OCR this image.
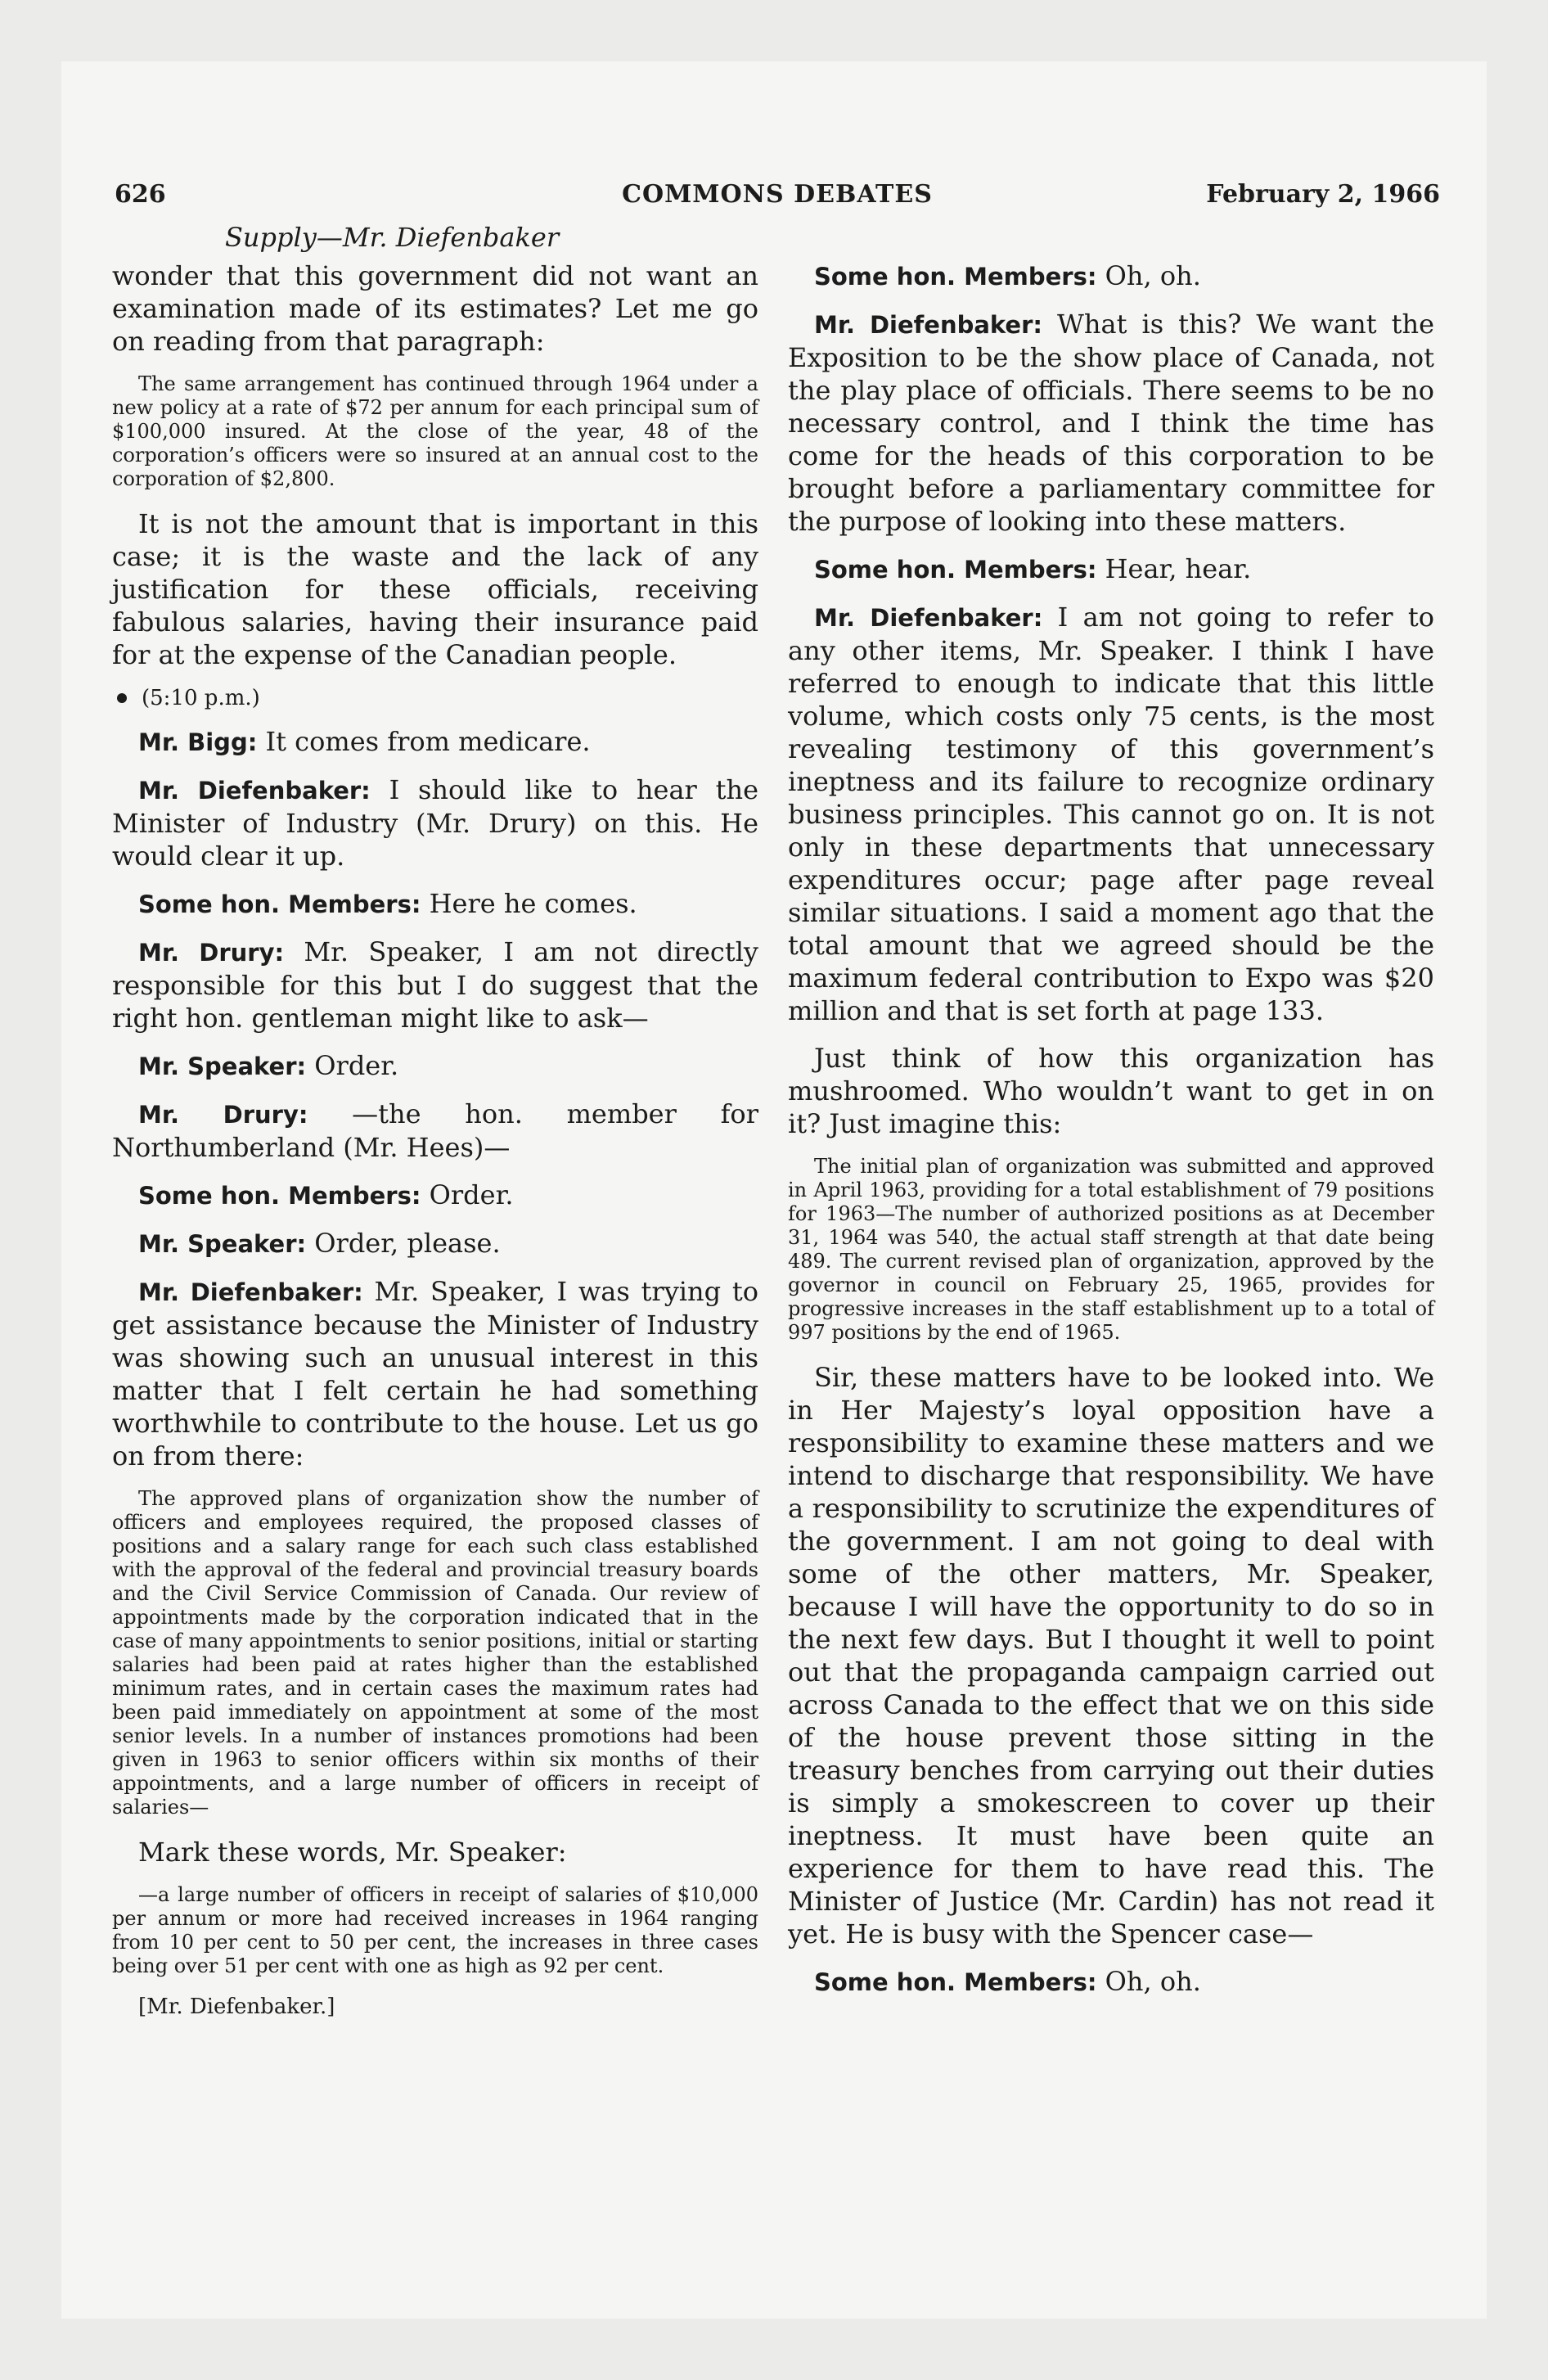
626	COMMONS DEBATES	February 2, 1966
Supply—Mr. Diefenbaker

wonder that this government did not want an examination made of its estimates? Let me go on reading from that paragraph:

The same arrangement has continued through 1964 under a new policy at a rate of $72 per annum for each principal sum of $100,000 insured. At the close of the year, 48 of the corporation’s officers were so insured at an annual cost to the corporation of $2,800.

It is not the amount that is important in this case; it is the waste and the lack of any justification for these officials, receiving fabulous salaries, having their insurance paid for at the expense of the Canadian people.

(5:10 p.m.)

Mr. Bigg: It comes from medicare.

Mr. Diefenbaker: I should like to hear the Minister of Industry (Mr. Drury) on this. He would clear it up.

Some hon. Members: Here he comes.

Mr. Drury: Mr. Speaker, I am not directly responsible for this but I do suggest that the right hon. gentleman might like to ask—

Mr. Speaker: Order.

Mr. Drury: —the hon. member for Northumberland (Mr. Hees)—

Some hon. Members: Order.

Mr. Speaker: Order, please.

Mr. Diefenbaker: Mr. Speaker, I was trying to get assistance because the Minister of Industry was showing such an unusual interest in this matter that I felt certain he had something worthwhile to contribute to the house. Let us go on from there:

The approved plans of organization show the number of officers and employees required, the proposed classes of positions and a salary range for each such class established with the approval of the federal and provincial treasury boards and the Civil Service Commission of Canada. Our review of appointments made by the corporation indicated that in the case of many appointments to senior positions, initial or starting salaries had been paid at rates higher than the established minimum rates, and in certain cases the maximum rates had been paid immediately on appointment at some of the most senior levels. In a number of instances promotions had been given in 1963 to senior officers within six months of their appointments, and a large number of officers in receipt of salaries—

Mark these words, Mr. Speaker:

—a large number of officers in receipt of salaries of $10,000 per annum or more had received increases in 1964 ranging from 10 per cent to 50 per cent, the increases in three cases being over 51 per cent with one as high as 92 per cent.

[Mr. Diefenbaker.]

Some hon. Members: Oh, oh.

Mr. Diefenbaker: What is this? We want the Exposition to be the show place of Canada, not the play place of officials. There seems to be no necessary control, and I think the time has come for the heads of this corporation to be brought before a parliamentary committee for the purpose of looking into these matters.

Some hon. Members: Hear, hear.

Mr. Diefenbaker: I am not going to refer to any other items, Mr. Speaker. I think I have referred to enough to indicate that this little volume, which costs only 75 cents, is the most revealing testimony of this government’s ineptness and its failure to recognize ordinary business principles. This cannot go on. It is not only in these departments that unnecessary expenditures occur; page after page reveal similar situations. I said a moment ago that the total amount that we agreed should be the maximum federal contribution to Expo was $20 million and that is set forth at page 133.

Just think of how this organization has mushroomed. Who wouldn’t want to get in on it? Just imagine this:

The initial plan of organization was submitted and approved in April 1963, providing for a total establishment of 79 positions for 1963—The number of authorized positions as at December 31, 1964 was 540, the actual staff strength at that date being 489. The current revised plan of organization, approved by the governor in council on February 25, 1965, provides for progressive increases in the staff establishment up to a total of 997 positions by the end of 1965.

Sir, these matters have to be looked into. We in Her Majesty’s loyal opposition have a responsibility to examine these matters and we intend to discharge that responsibility. We have a responsibility to scrutinize the expenditures of the government. I am not going to deal with some of the other matters, Mr. Speaker, because I will have the opportunity to do so in the next few days. But I thought it well to point out that the propaganda campaign carried out across Canada to the effect that we on this side of the house prevent those sitting in the treasury benches from carrying out their duties is simply a smokescreen to cover up their ineptness. It must have been quite an experience for them to have read this. The Minister of Justice (Mr. Cardin) has not read it yet. He is busy with the Spencer case—

Some hon. Members: Oh, oh.
